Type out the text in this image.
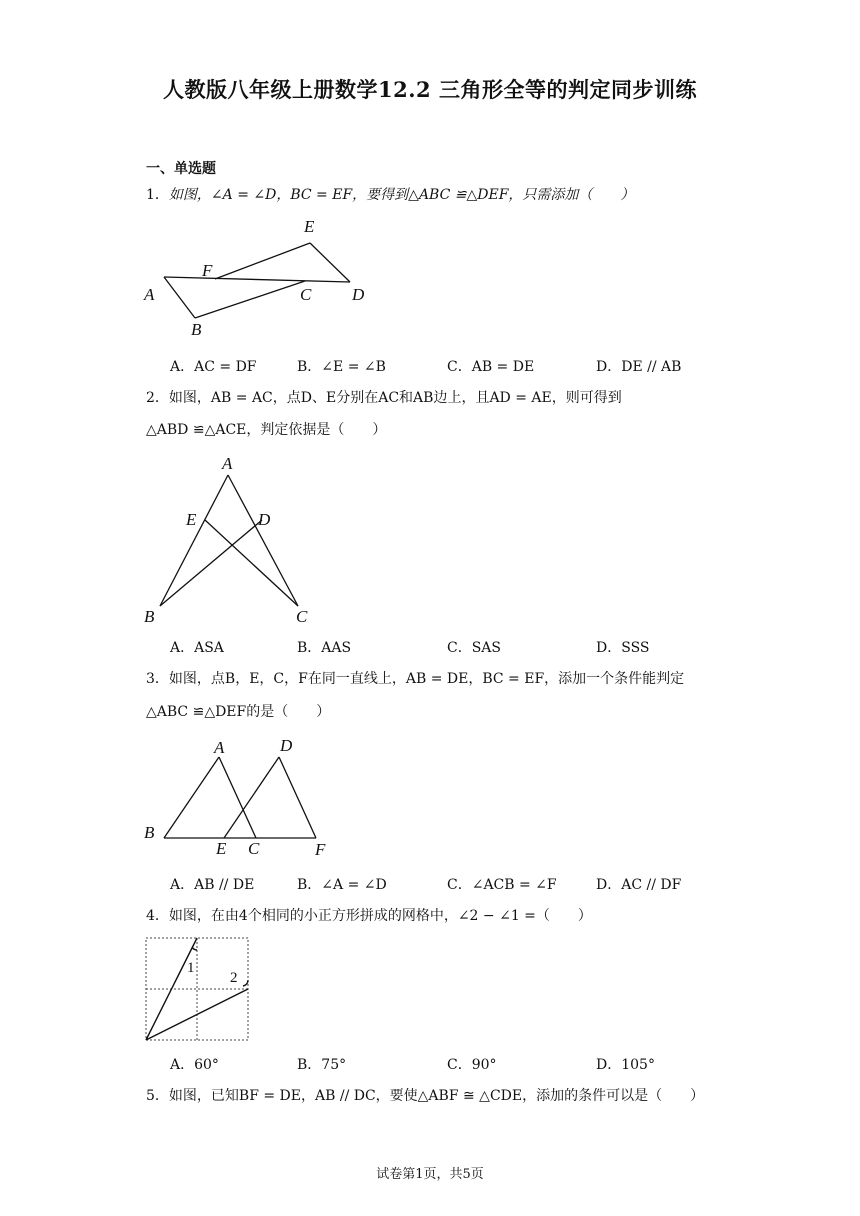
人教版八年级上册数学12.2 三角形全等的判定同步训练
一、单选题
1．如图，∠A = ∠D，BC = EF，要得到△ABC ≌△DEF，只需添加（　　）
E
F
A	C D
B
A．AC = DF	B．∠E = ∠B	C．AB = DE	D．DE // AB
2．如图，AB = AC，点D、E分别在AC和AB边上，且AD = AE，则可得到
△ABD ≌△ACE，判定依据是（　　）
A
E	D
B	C
A．ASA	B．AAS	C．SAS	D．SSS
3．如图，点B，E，C，F在同一直线上，AB = DE，BC = EF，添加一个条件能判定
△ABC ≌△DEF的是（　　）
A	D
B
E C	F
A．AB // DE	B．∠A = ∠D	C．∠ACB = ∠F	D．AC // DF
4．如图，在由4个相同的小正方形拼成的网格中，∠2 − ∠1 =（　　）
1
2
A．60°	B．75°	C．90°	D．105°
5．如图，已知BF = DE，AB // DC，要使△ABF ≅ △CDE，添加的条件可以是（　　）
试卷第1页，共5页
